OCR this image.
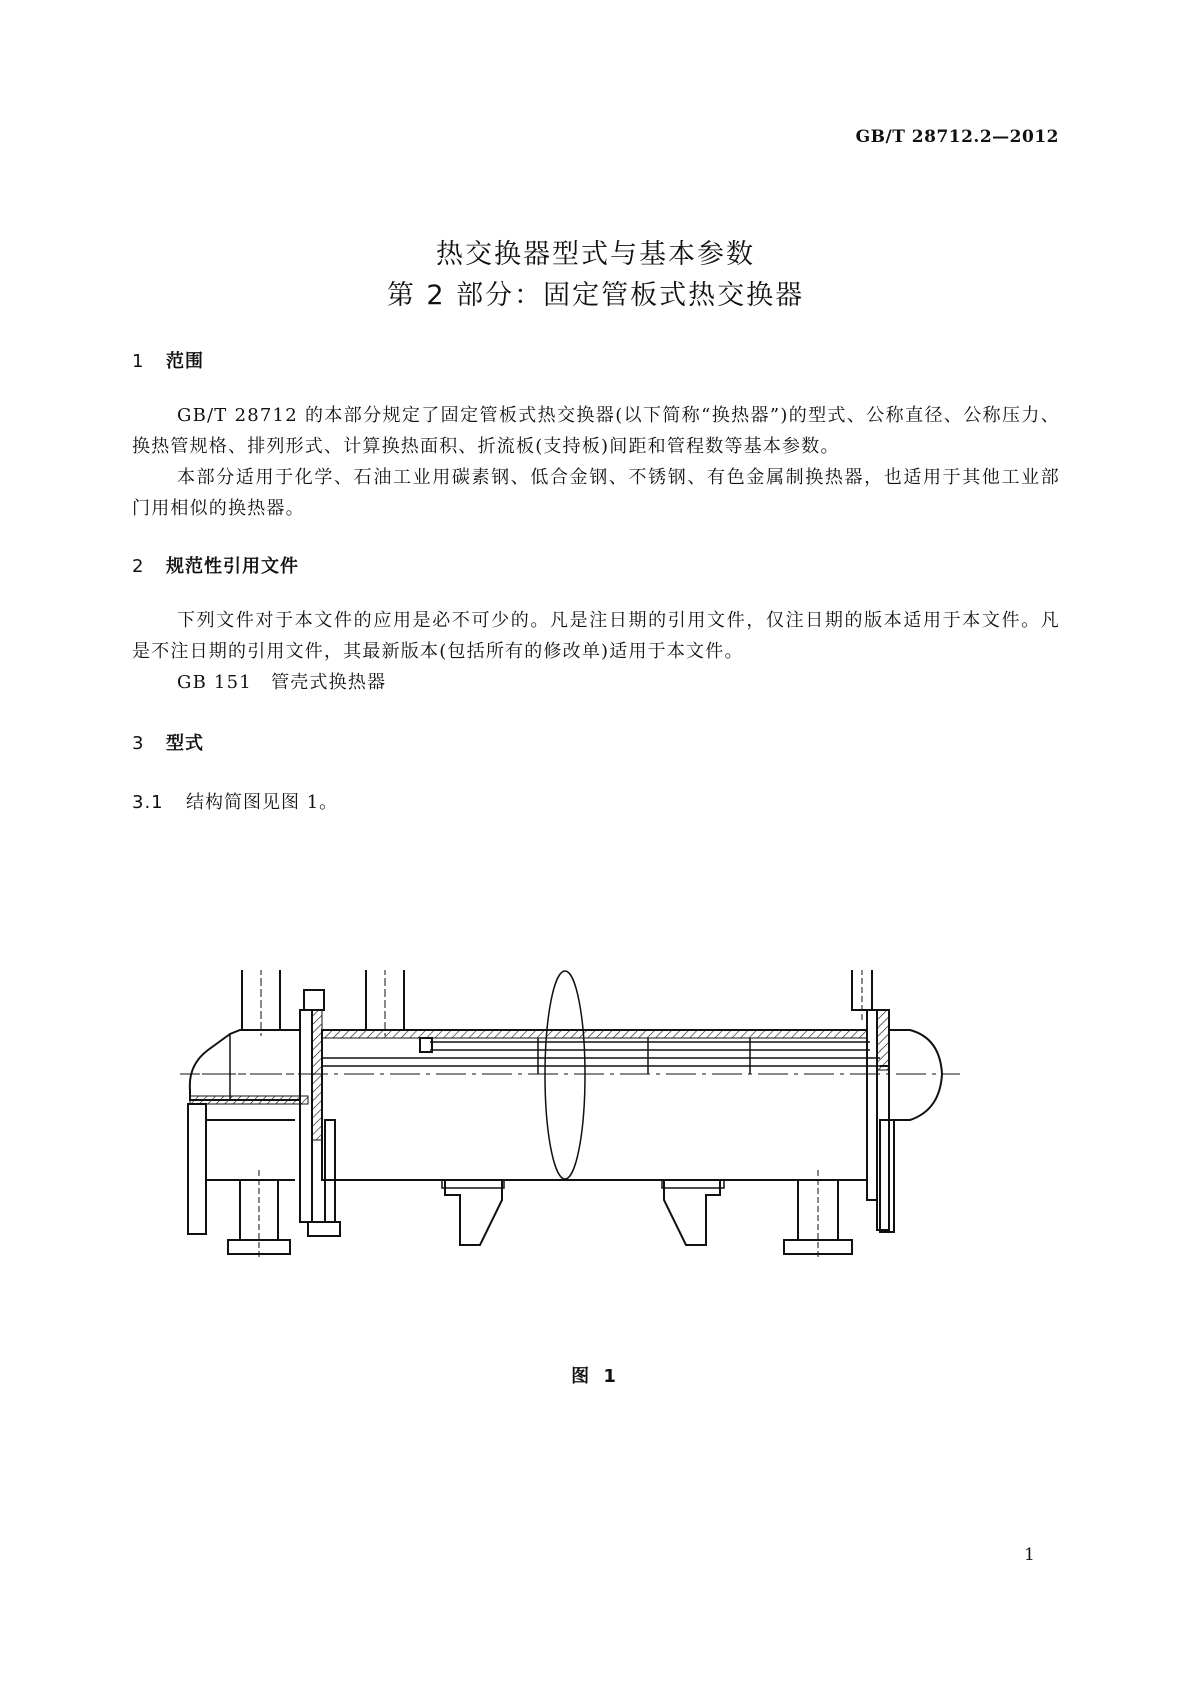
GB/T 28712.2—2012
热交换器型式与基本参数
第 2 部分：固定管板式热交换器
1 范围
GB/T 28712 的本部分规定了固定管板式热交换器(以下简称“换热器”)的型式、公称直径、公称压力、换热管规格、排列形式、计算换热面积、折流板(支持板)间距和管程数等基本参数。
本部分适用于化学、石油工业用碳素钢、低合金钢、不锈钢、有色金属制换热器，也适用于其他工业部门用相似的换热器。
2 规范性引用文件
下列文件对于本文件的应用是必不可少的。凡是注日期的引用文件，仅注日期的版本适用于本文件。凡是不注日期的引用文件，其最新版本(包括所有的修改单)适用于本文件。
GB 151　管壳式换热器
3 型式
3.1 结构简图见图 1。
图 1
1
